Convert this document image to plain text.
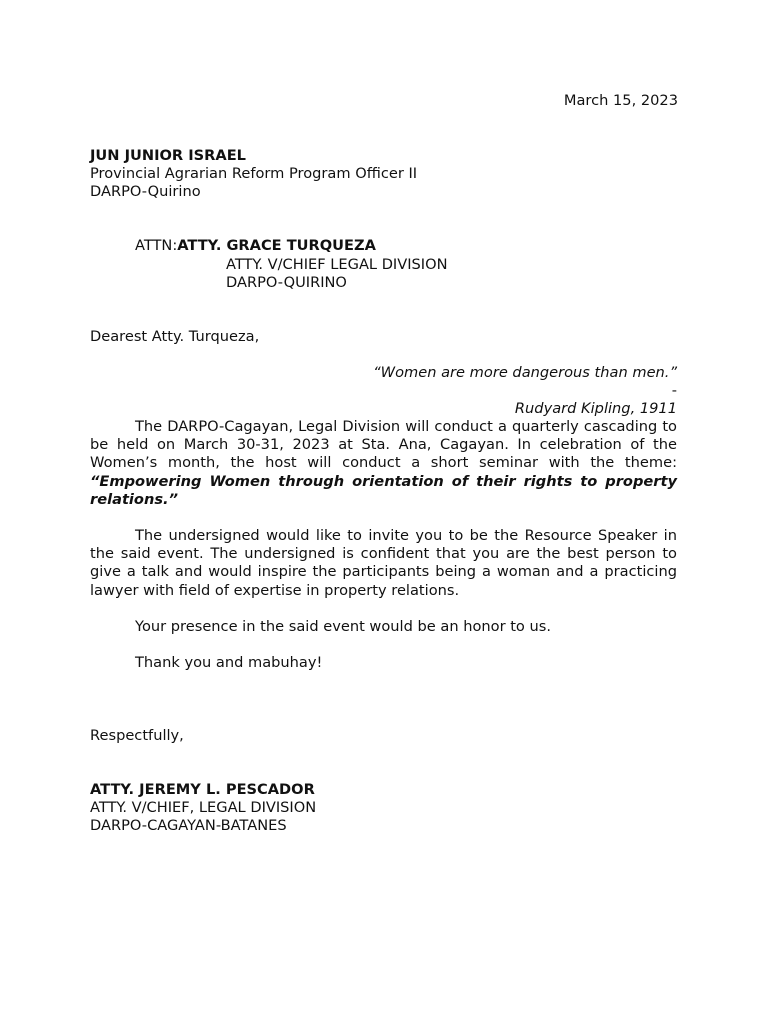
March 15, 2023
JUN JUNIOR ISRAEL
Provincial Agrarian Reform Program Officer II
DARPO-Quirino
ATTN:ATTY. GRACE TURQUEZA
ATTY. V/CHIEF LEGAL DIVISION
DARPO-QUIRINO
Dearest Atty. Turqueza,
“Women are more dangerous than men.”
-
Rudyard Kipling, 1911
The DARPO-Cagayan, Legal Division will conduct a quarterly cascading to be held on March 30-31, 2023 at Sta. Ana, Cagayan. In celebration of the Women’s month, the host will conduct a short seminar with the theme: “Empowering Women through orientation of their rights to property relations.”
The undersigned would like to invite you to be the Resource Speaker in the said event. The undersigned is confident that you are the best person to give a talk and would inspire the participants being a woman and a practicing lawyer with field of expertise in property relations.
Your presence in the said event would be an honor to us.
Thank you and mabuhay!
Respectfully,
ATTY. JEREMY L. PESCADOR
ATTY. V/CHIEF, LEGAL DIVISION
DARPO-CAGAYAN-BATANES
